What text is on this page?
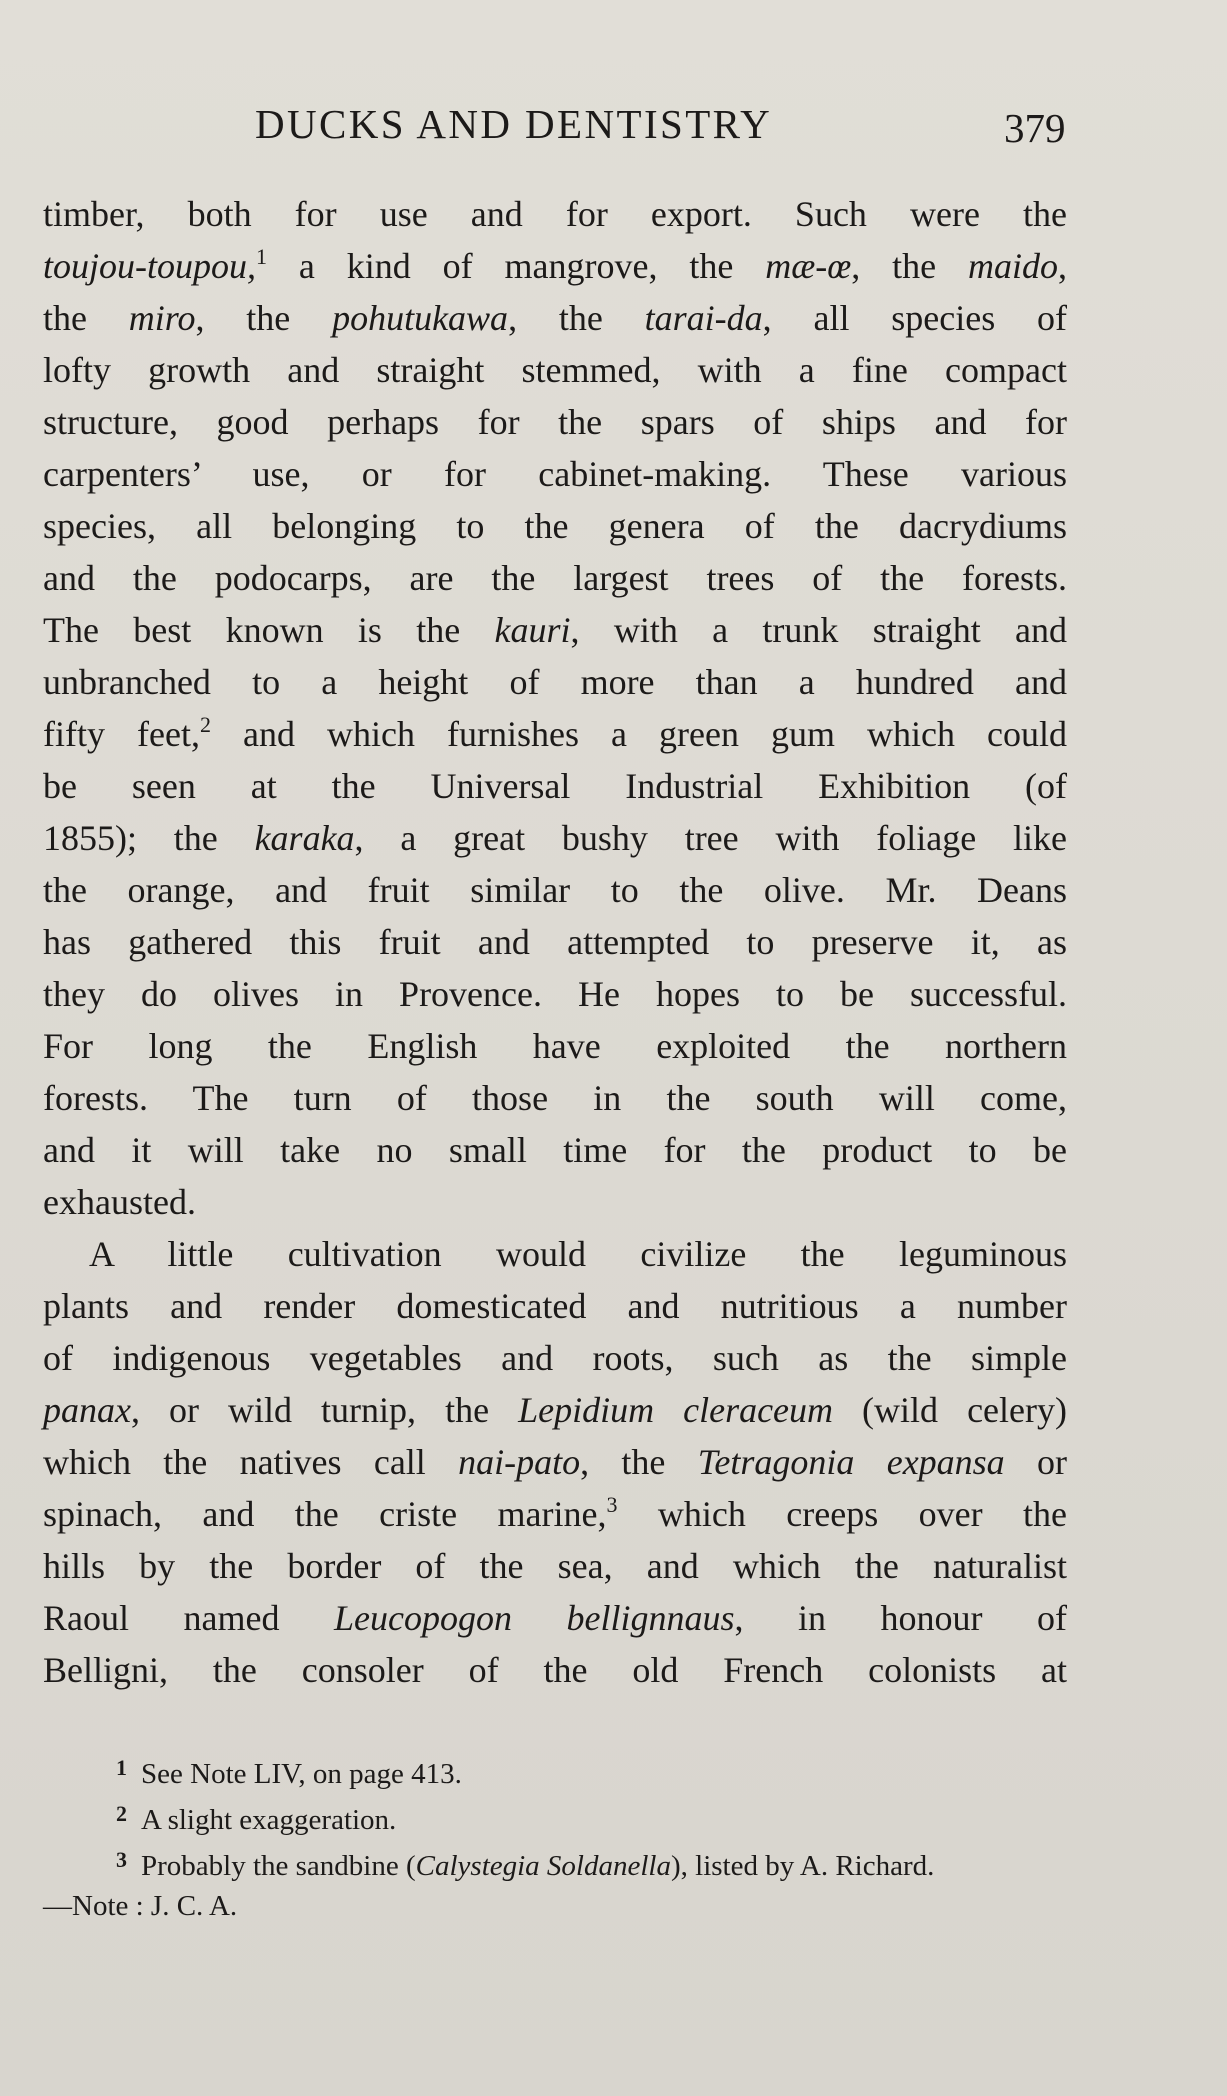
DUCKS AND DENTISTRY	379

timber, both for use and for export. Such were the
toujou-toupou,$^1$ a kind of mangrove, the mæ-œ, the maido,
the miro, the pohutukawa, the tarai-da, all species of
lofty growth and straight stemmed, with a fine compact
structure, good perhaps for the spars of ships and for
carpenters’ use, or for cabinet-making. These various
species, all belonging to the genera of the dacrydiums
and the podocarps, are the largest trees of the forests.
The best known is the kauri, with a trunk straight and
unbranched to a height of more than a hundred and
fifty feet,$^2$ and which furnishes a green gum which could
be seen at the Universal Industrial Exhibition (of
1855); the karaka, a great bushy tree with foliage like
the orange, and fruit similar to the olive. Mr. Deans
has gathered this fruit and attempted to preserve it, as
they do olives in Provence. He hopes to be successful.
For long the English have exploited the northern
forests. The turn of those in the south will come,
and it will take no small time for the product to be
exhausted.

A little cultivation would civilize the leguminous
plants and render domesticated and nutritious a number
of indigenous vegetables and roots, such as the simple
panax, or wild turnip, the Lepidium cleraceum (wild celery)
which the natives call nai-pato, the Tetragonia expansa or
spinach, and the criste marine,$^3$ which creeps over the
hills by the border of the sea, and which the naturalist
Raoul named Leucopogon bellignnaus, in honour of
Belligni, the consoler of the old French colonists at

$^1$ See Note LIV, on page 413.
$^2$ A slight exaggeration.
$^3$ Probably the sandbine (Calystegia Soldanella), listed by A. Richard.
—Note : J. C. A.
